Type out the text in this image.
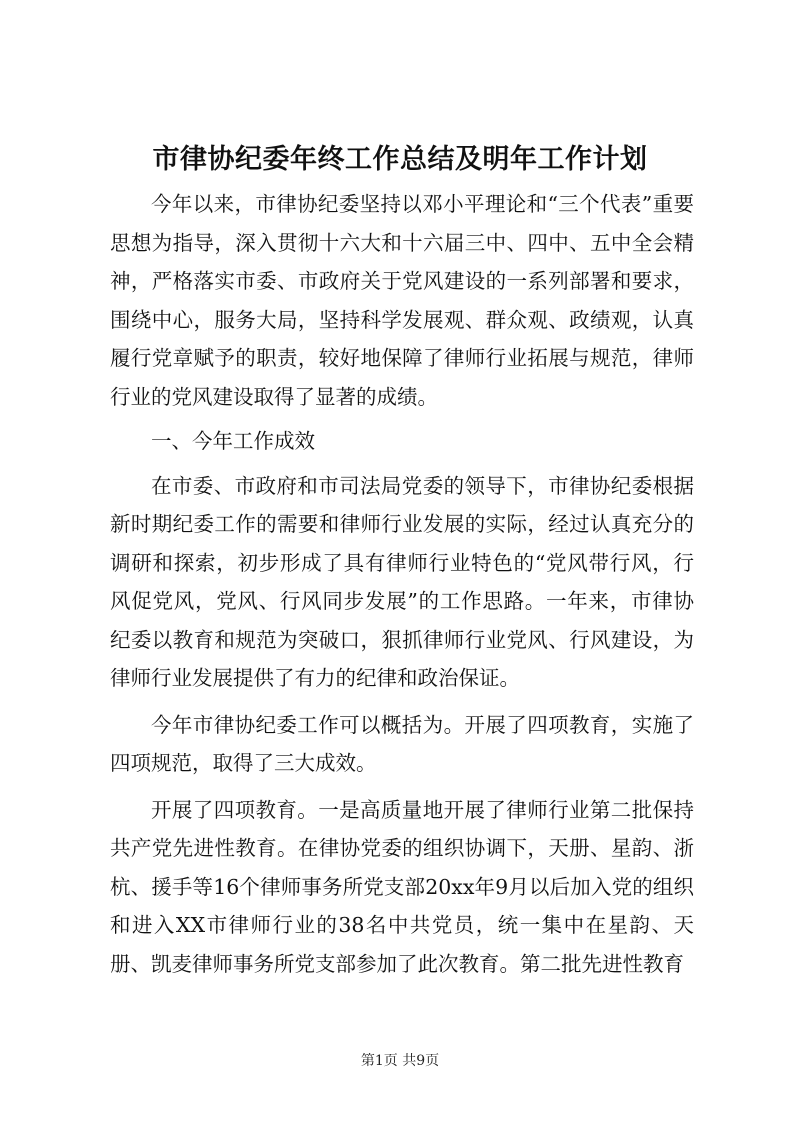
市律协纪委年终工作总结及明年工作计划

今年以来，市律协纪委坚持以邓小平理论和“三个代表”重要思想为指导，深入贯彻十六大和十六届三中、四中、五中全会精神，严格落实市委、市政府关于党风建设的一系列部署和要求，围绕中心，服务大局，坚持科学发展观、群众观、政绩观，认真履行党章赋予的职责，较好地保障了律师行业拓展与规范，律师行业的党风建设取得了显著的成绩。

一、今年工作成效

在市委、市政府和市司法局党委的领导下，市律协纪委根据新时期纪委工作的需要和律师行业发展的实际，经过认真充分的调研和探索，初步形成了具有律师行业特色的“党风带行风，行风促党风，党风、行风同步发展”的工作思路。一年来，市律协纪委以教育和规范为突破口，狠抓律师行业党风、行风建设，为律师行业发展提供了有力的纪律和政治保证。

今年市律协纪委工作可以概括为。开展了四项教育，实施了四项规范，取得了三大成效。

开展了四项教育。一是高质量地开展了律师行业第二批保持共产党先进性教育。在律协党委的组织协调下，天册、星韵、浙杭、援手等16个律师事务所党支部20xx年9月以后加入党的组织和进入XX市律师行业的38名中共党员，统一集中在星韵、天册、凯麦律师事务所党支部参加了此次教育。第二批先进性教育

第1页 共9页
